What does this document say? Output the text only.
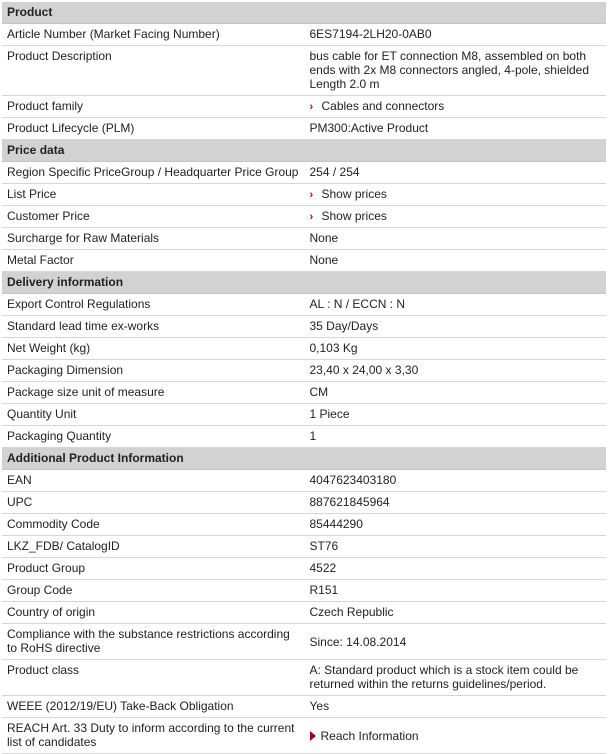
Product	
Article Number (Market Facing Number)	6ES7194-2LH20-0AB0
Product Description	bus cable for ET connection M8, assembled on both ends with 2x M8 connectors angled, 4-pole, shielded Length 2.0 m
Product family	› Cables and connectors
Product Lifecycle (PLM)	PM300:Active Product
Price data	
Region Specific PriceGroup / Headquarter Price Group	254 / 254
List Price	› Show prices
Customer Price	› Show prices
Surcharge for Raw Materials	None
Metal Factor	None
Delivery information	
Export Control Regulations	AL : N / ECCN : N
Standard lead time ex-works	35 Day/Days
Net Weight (kg)	0,103 Kg
Packaging Dimension	23,40 x 24,00 x 3,30
Package size unit of measure	CM
Quantity Unit	1 Piece
Packaging Quantity	1
Additional Product Information	
EAN	4047623403180
UPC	887621845964
Commodity Code	85444290
LKZ_FDB/ CatalogID	ST76
Product Group	4522
Group Code	R151
Country of origin	Czech Republic
Compliance with the substance restrictions according to RoHS directive	Since: 14.08.2014
Product class	A: Standard product which is a stock item could be returned within the returns guidelines/period.
WEEE (2012/19/EU) Take-Back Obligation	Yes
REACH Art. 33 Duty to inform according to the current list of candidates	Reach Information
